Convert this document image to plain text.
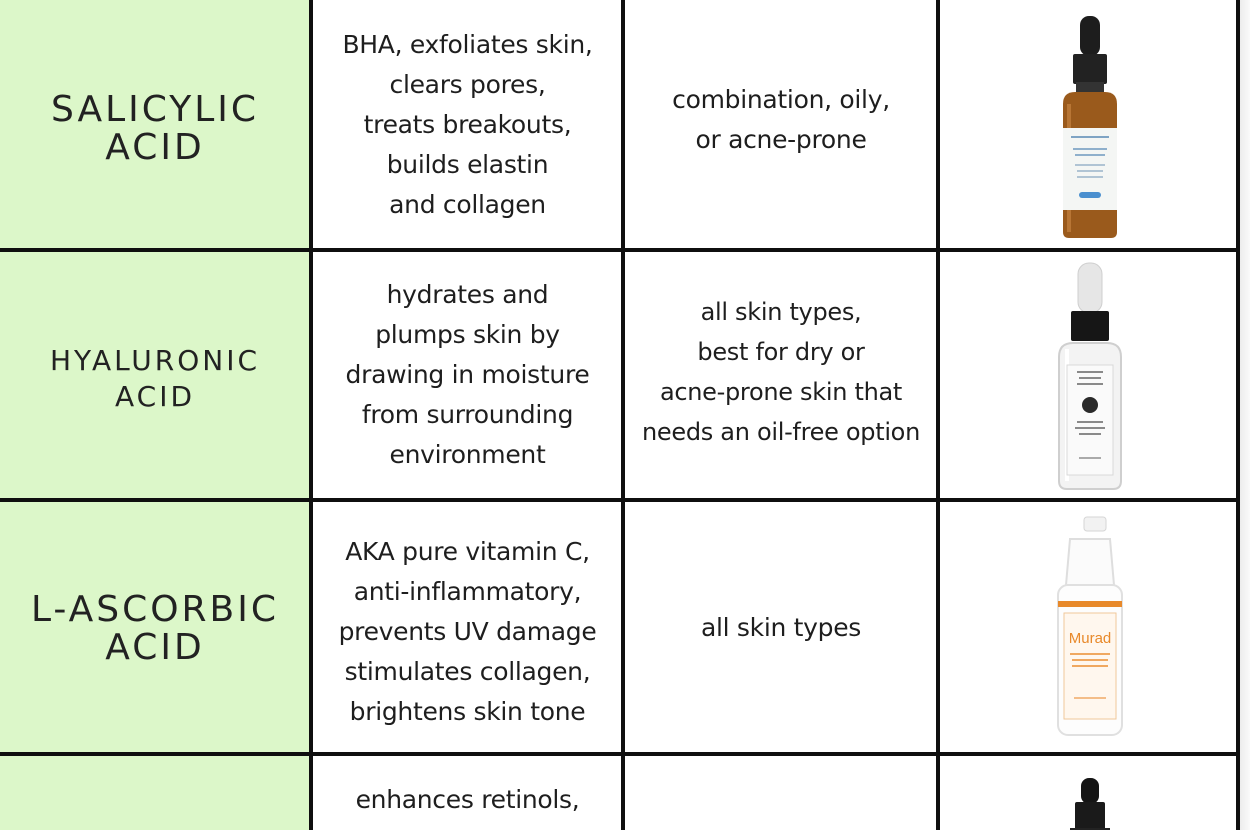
SALICYLIC
ACID
BHA, exfoliates skin,
clears pores,
treats breakouts,
builds elastin
and collagen
combination, oily,
or acne-prone
HYALURONIC
ACID
hydrates and
plumps skin by
drawing in moisture
from surrounding
environment
all skin types,
best for dry or
acne-prone skin that
needs an oil-free option
L-ASCORBIC
ACID
AKA pure vitamin C,
anti-inflammatory,
prevents UV damage
stimulates collagen,
brightens skin tone
all skin types	Murad
enhances retinols,
